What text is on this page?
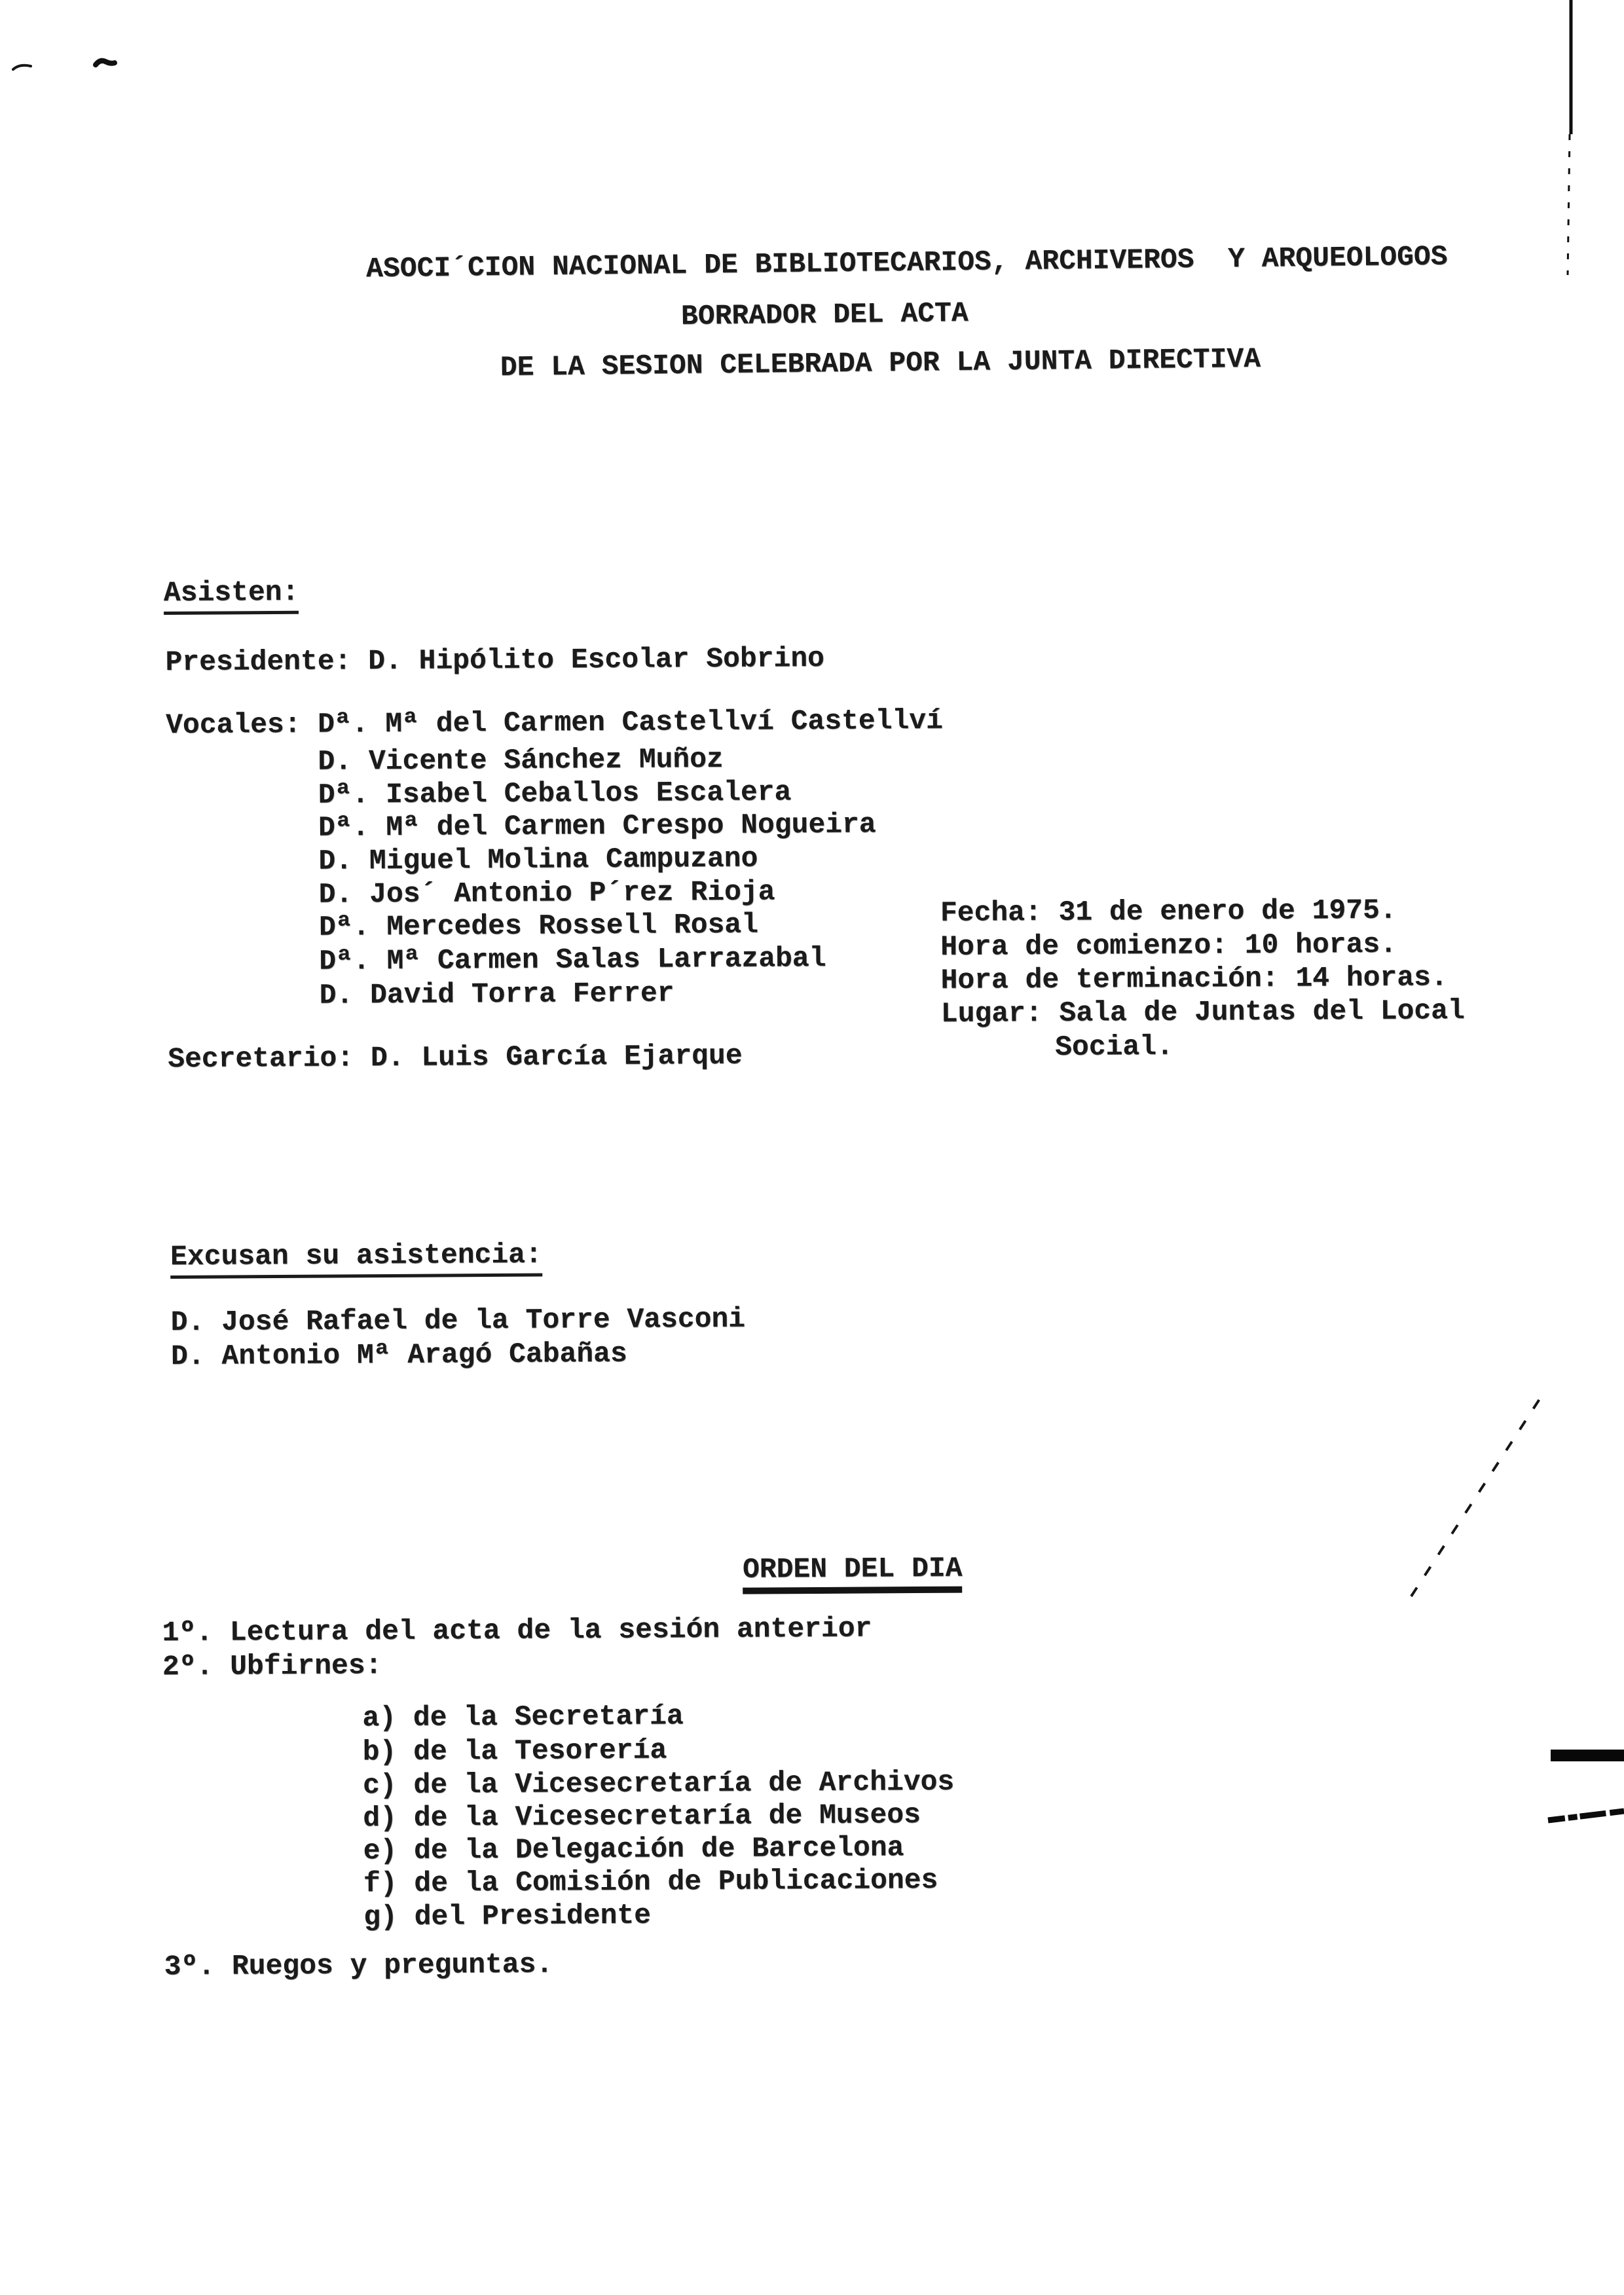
ASOCI´CION NACIONAL DE BIBLIOTECARIOS, ARCHIVEROS  Y ARQUEOLOGOS
BORRADOR DEL ACTA
DE LA SESION CELEBRADA POR LA JUNTA DIRECTIVA
Asisten:
Presidente: D. Hipólito Escolar Sobrino
Vocales: Dª. Mª del Carmen Castellví Castellví
D. Vicente Sánchez Muñoz
Dª. Isabel Ceballos Escalera
Dª. Mª del Carmen Crespo Nogueira
D. Miguel Molina Campuzano
D. Jos´ Antonio P´rez Rioja
Dª. Mercedes Rossell Rosal
Dª. Mª Carmen Salas Larrazabal
D. David Torra Ferrer
Secretario: D. Luis García Ejarque
Fecha: 31 de enero de 1975.
Hora de comienzo: 10 horas.
Hora de terminación: 14 horas.
Lugar: Sala de Juntas del Local
Social.
Excusan su asistencia:
D. José Rafael de la Torre Vasconi
D. Antonio Mª Aragó Cabañas
ORDEN DEL DIA
1º. Lectura del acta de la sesión anterior
2º. Ubfirnes:
a) de la Secretaría
b) de la Tesorería
c) de la Vicesecretaría de Archivos
d) de la Vicesecretaría de Museos
e) de la Delegación de Barcelona
f) de la Comisión de Publicaciones
g) del Presidente
3º. Ruegos y preguntas.
